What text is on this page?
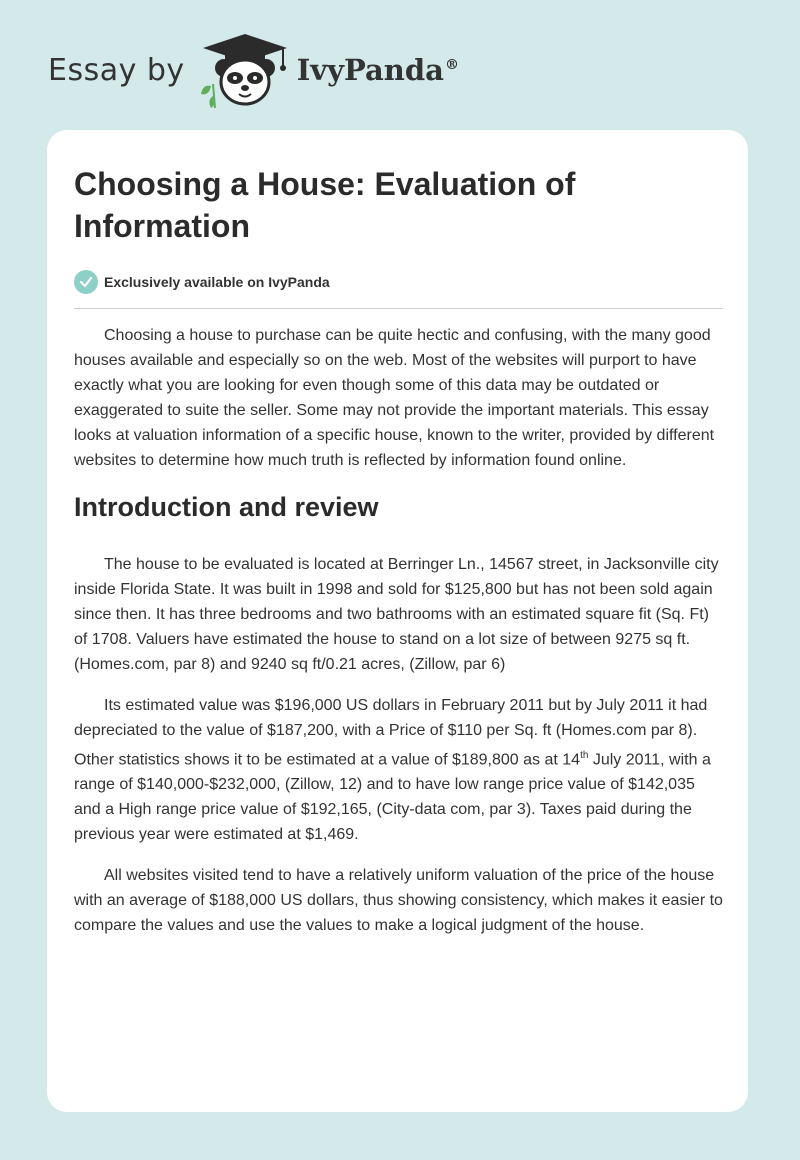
Essay by	IvyPanda®
Choosing a House: Evaluation of Information
Exclusively available on IvyPanda

Choosing a house to purchase can be quite hectic and confusing, with the many good houses available and especially so on the web. Most of the websites will purport to have exactly what you are looking for even though some of this data may be outdated or exaggerated to suite the seller. Some may not provide the important materials. This essay looks at valuation information of a specific house, known to the writer, provided by different websites to determine how much truth is reflected by information found online.

Introduction and review

The house to be evaluated is located at Berringer Ln., 14567 street, in Jacksonville city inside Florida State. It was built in 1998 and sold for $125,800 but has not been sold again since then. It has three bedrooms and two bathrooms with an estimated square fit (Sq. Ft) of 1708. Valuers have estimated the house to stand on a lot size of between 9275 sq ft. (Homes.com, par 8) and 9240 sq ft/0.21 acres, (Zillow, par 6)

Its estimated value was $196,000 US dollars in February 2011 but by July 2011 it had depreciated to the value of $187,200, with a Price of $110 per Sq. ft (Homes.com par 8). Other statistics shows it to be estimated at a value of $189,800 as at 14th July 2011, with a range of $140,000-$232,000, (Zillow, 12) and to have low range price value of $142,035 and a High range price value of $192,165, (City-data com, par 3). Taxes paid during the previous year were estimated at $1,469.

All websites visited tend to have a relatively uniform valuation of the price of the house with an average of $188,000 US dollars, thus showing consistency, which makes it easier to compare the values and use the values to make a logical judgment of the house.
